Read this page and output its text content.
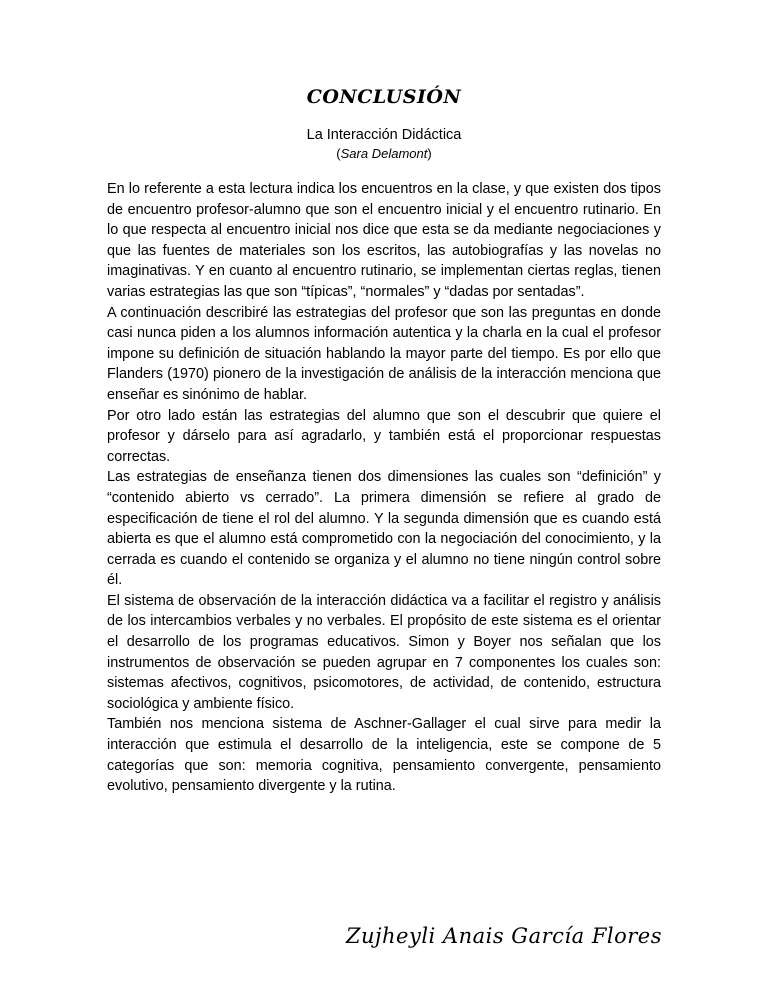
CONCLUSIÓN
La Interacción Didáctica
(Sara Delamont)

En lo referente a esta lectura indica los encuentros en la clase, y que existen dos tipos de encuentro profesor-alumno que son el encuentro inicial y el encuentro rutinario. En lo que respecta al encuentro inicial nos dice que esta se da mediante negociaciones y que las fuentes de materiales son los escritos, las autobiografías y las novelas no imaginativas. Y en cuanto al encuentro rutinario, se implementan ciertas reglas, tienen varias estrategias las que son “típicas”, “normales” y “dadas por sentadas”.

A continuación describiré las estrategias del profesor que son las preguntas en donde casi nunca piden a los alumnos información autentica y la charla en la cual el profesor impone su definición de situación hablando la mayor parte del tiempo. Es por ello que Flanders (1970) pionero de la investigación de análisis de la interacción menciona que enseñar es sinónimo de hablar.

Por otro lado están las estrategias del alumno que son el descubrir que quiere el profesor y dárselo para así agradarlo, y también está el proporcionar respuestas correctas.

Las estrategias de enseñanza tienen dos dimensiones las cuales son “definición” y “contenido abierto vs cerrado”. La primera dimensión se refiere al grado de especificación de tiene el rol del alumno. Y la segunda dimensión que es cuando está abierta es que el alumno está comprometido con la negociación del conocimiento, y la cerrada es cuando el contenido se organiza y el alumno no tiene ningún control sobre él.

El sistema de observación de la interacción didáctica va a facilitar el registro y análisis de los intercambios verbales y no verbales. El propósito de este sistema es el orientar el desarrollo de los programas educativos. Simon y Boyer nos señalan que los instrumentos de observación se pueden agrupar en 7 componentes los cuales son: sistemas afectivos, cognitivos, psicomotores, de actividad, de contenido, estructura sociológica y ambiente físico.

También nos menciona sistema de Aschner-Gallager el cual sirve para medir la interacción que estimula el desarrollo de la inteligencia, este se compone de 5 categorías que son: memoria cognitiva, pensamiento convergente, pensamiento evolutivo, pensamiento divergente y la rutina.

Zujheyli Anais García Flores
